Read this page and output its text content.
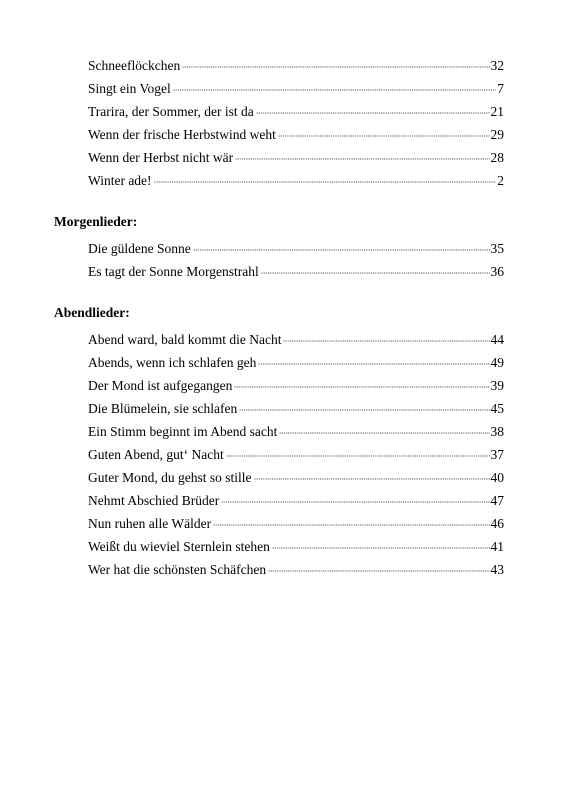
Schneeflöckchen	32
Singt ein Vogel	7
Trarira, der Sommer, der ist da	21
Wenn der frische Herbstwind weht	29
Wenn der Herbst nicht wär	28
Winter ade!	2
Morgenlieder:
Die güldene Sonne	35
Es tagt der Sonne Morgenstrahl	36
Abendlieder:
Abend ward, bald kommt die Nacht	44
Abends, wenn ich schlafen geh	49
Der Mond ist aufgegangen	39
Die Blümelein, sie schlafen	45
Ein Stimm beginnt im Abend sacht	38
Guten Abend, gut‘ Nacht	37
Guter Mond, du gehst so stille	40
Nehmt Abschied Brüder	47
Nun ruhen alle Wälder	46
Weißt du wieviel Sternlein stehen	41
Wer hat die schönsten Schäfchen	43
